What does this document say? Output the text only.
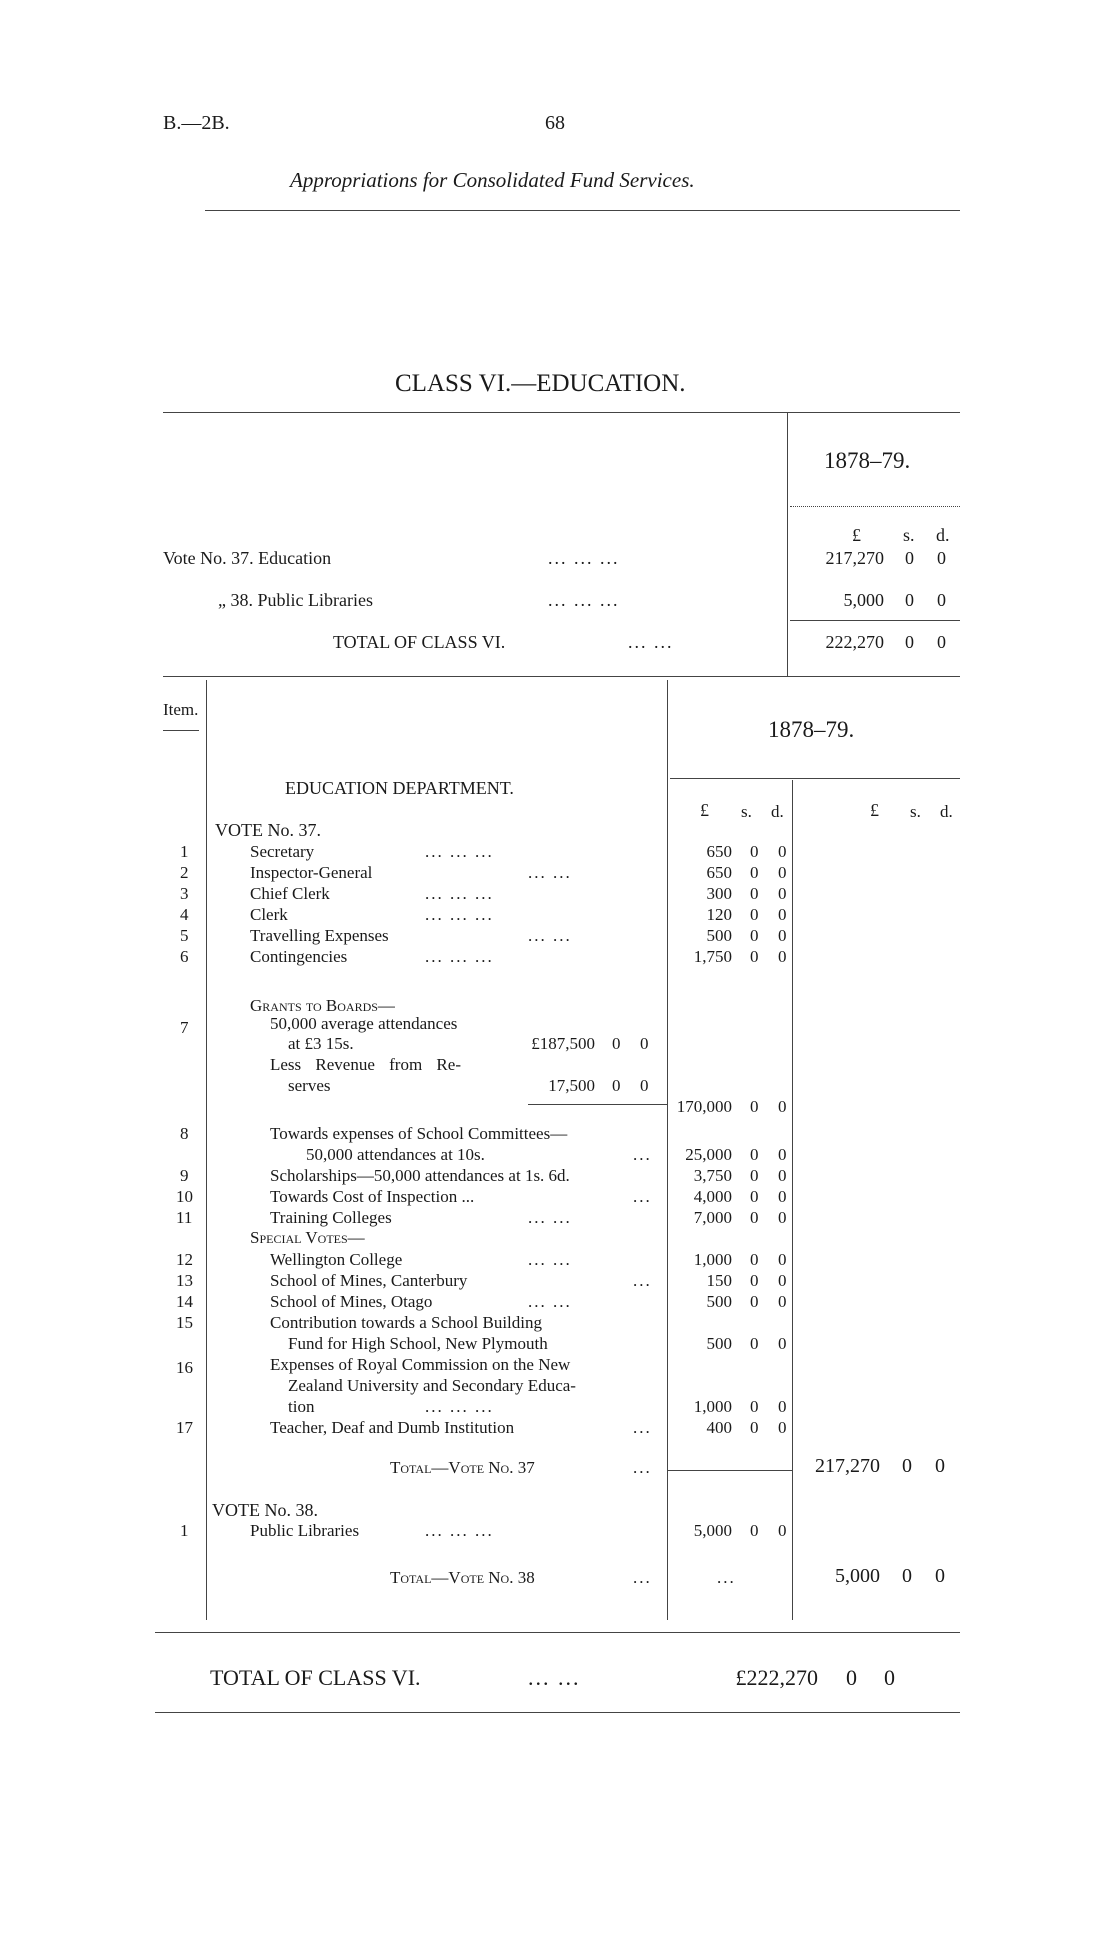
B.—2B.	68
Appropriations for Consolidated Fund Services.
CLASS VI.—EDUCATION.
1878–79.
£ s. d.
Vote No. 37. Education	... ... ...	217,270 0 0
„ 38. Public Libraries	... ... ...	5,000 0 0
TOTAL OF CLASS VI.	... ...	222,270 0 0
Item.
1878–79.
EDUCATION DEPARTMENT.
£ s. d.	£ s. d.
VOTE No. 37.
1	Secretary	... ... ...	650 0 0
2	Inspector-General	... ...	650 0 0
3	Chief Clerk	... ... ...	300 0 0
4	Clerk	... ... ...	120 0 0
5	Travelling Expenses	... ...	500 0 0
6	Contingencies	... ... ...	1,750 0 0
Grants to Boards—
7	50,000 average attendances
at £3 15s.	£187,500 0 0
Less Revenue from Re-
serves	17,500 0 0
170,000 0 0
8	Towards expenses of School Committees—
50,000 attendances at 10s.	...	25,000 0 0
9	Scholarships—50,000 attendances at 1s. 6d.	3,750 0 0
10	Towards Cost of Inspection ...	...	4,000 0 0
11	Training Colleges	... ...	7,000 0 0
Special Votes—
12	Wellington College	... ...	1,000 0 0
13	School of Mines, Canterbury	...	150 0 0
14	School of Mines, Otago	... ...	500 0 0
15	Contribution towards a School Building
Fund for High School, New Plymouth	500 0 0
16	Expenses of Royal Commission on the New
Zealand University and Secondary Educa-
tion	... ... ...	1,000 0 0
17	Teacher, Deaf and Dumb Institution	...	400 0 0
Total—Vote No. 37	...	217,270 0 0
VOTE No. 38.
1	Public Libraries	... ... ...	5,000 0 0
Total—Vote No. 38	...	...	5,000 0 0
TOTAL OF CLASS VI.	... ...	£222,270 0 0
